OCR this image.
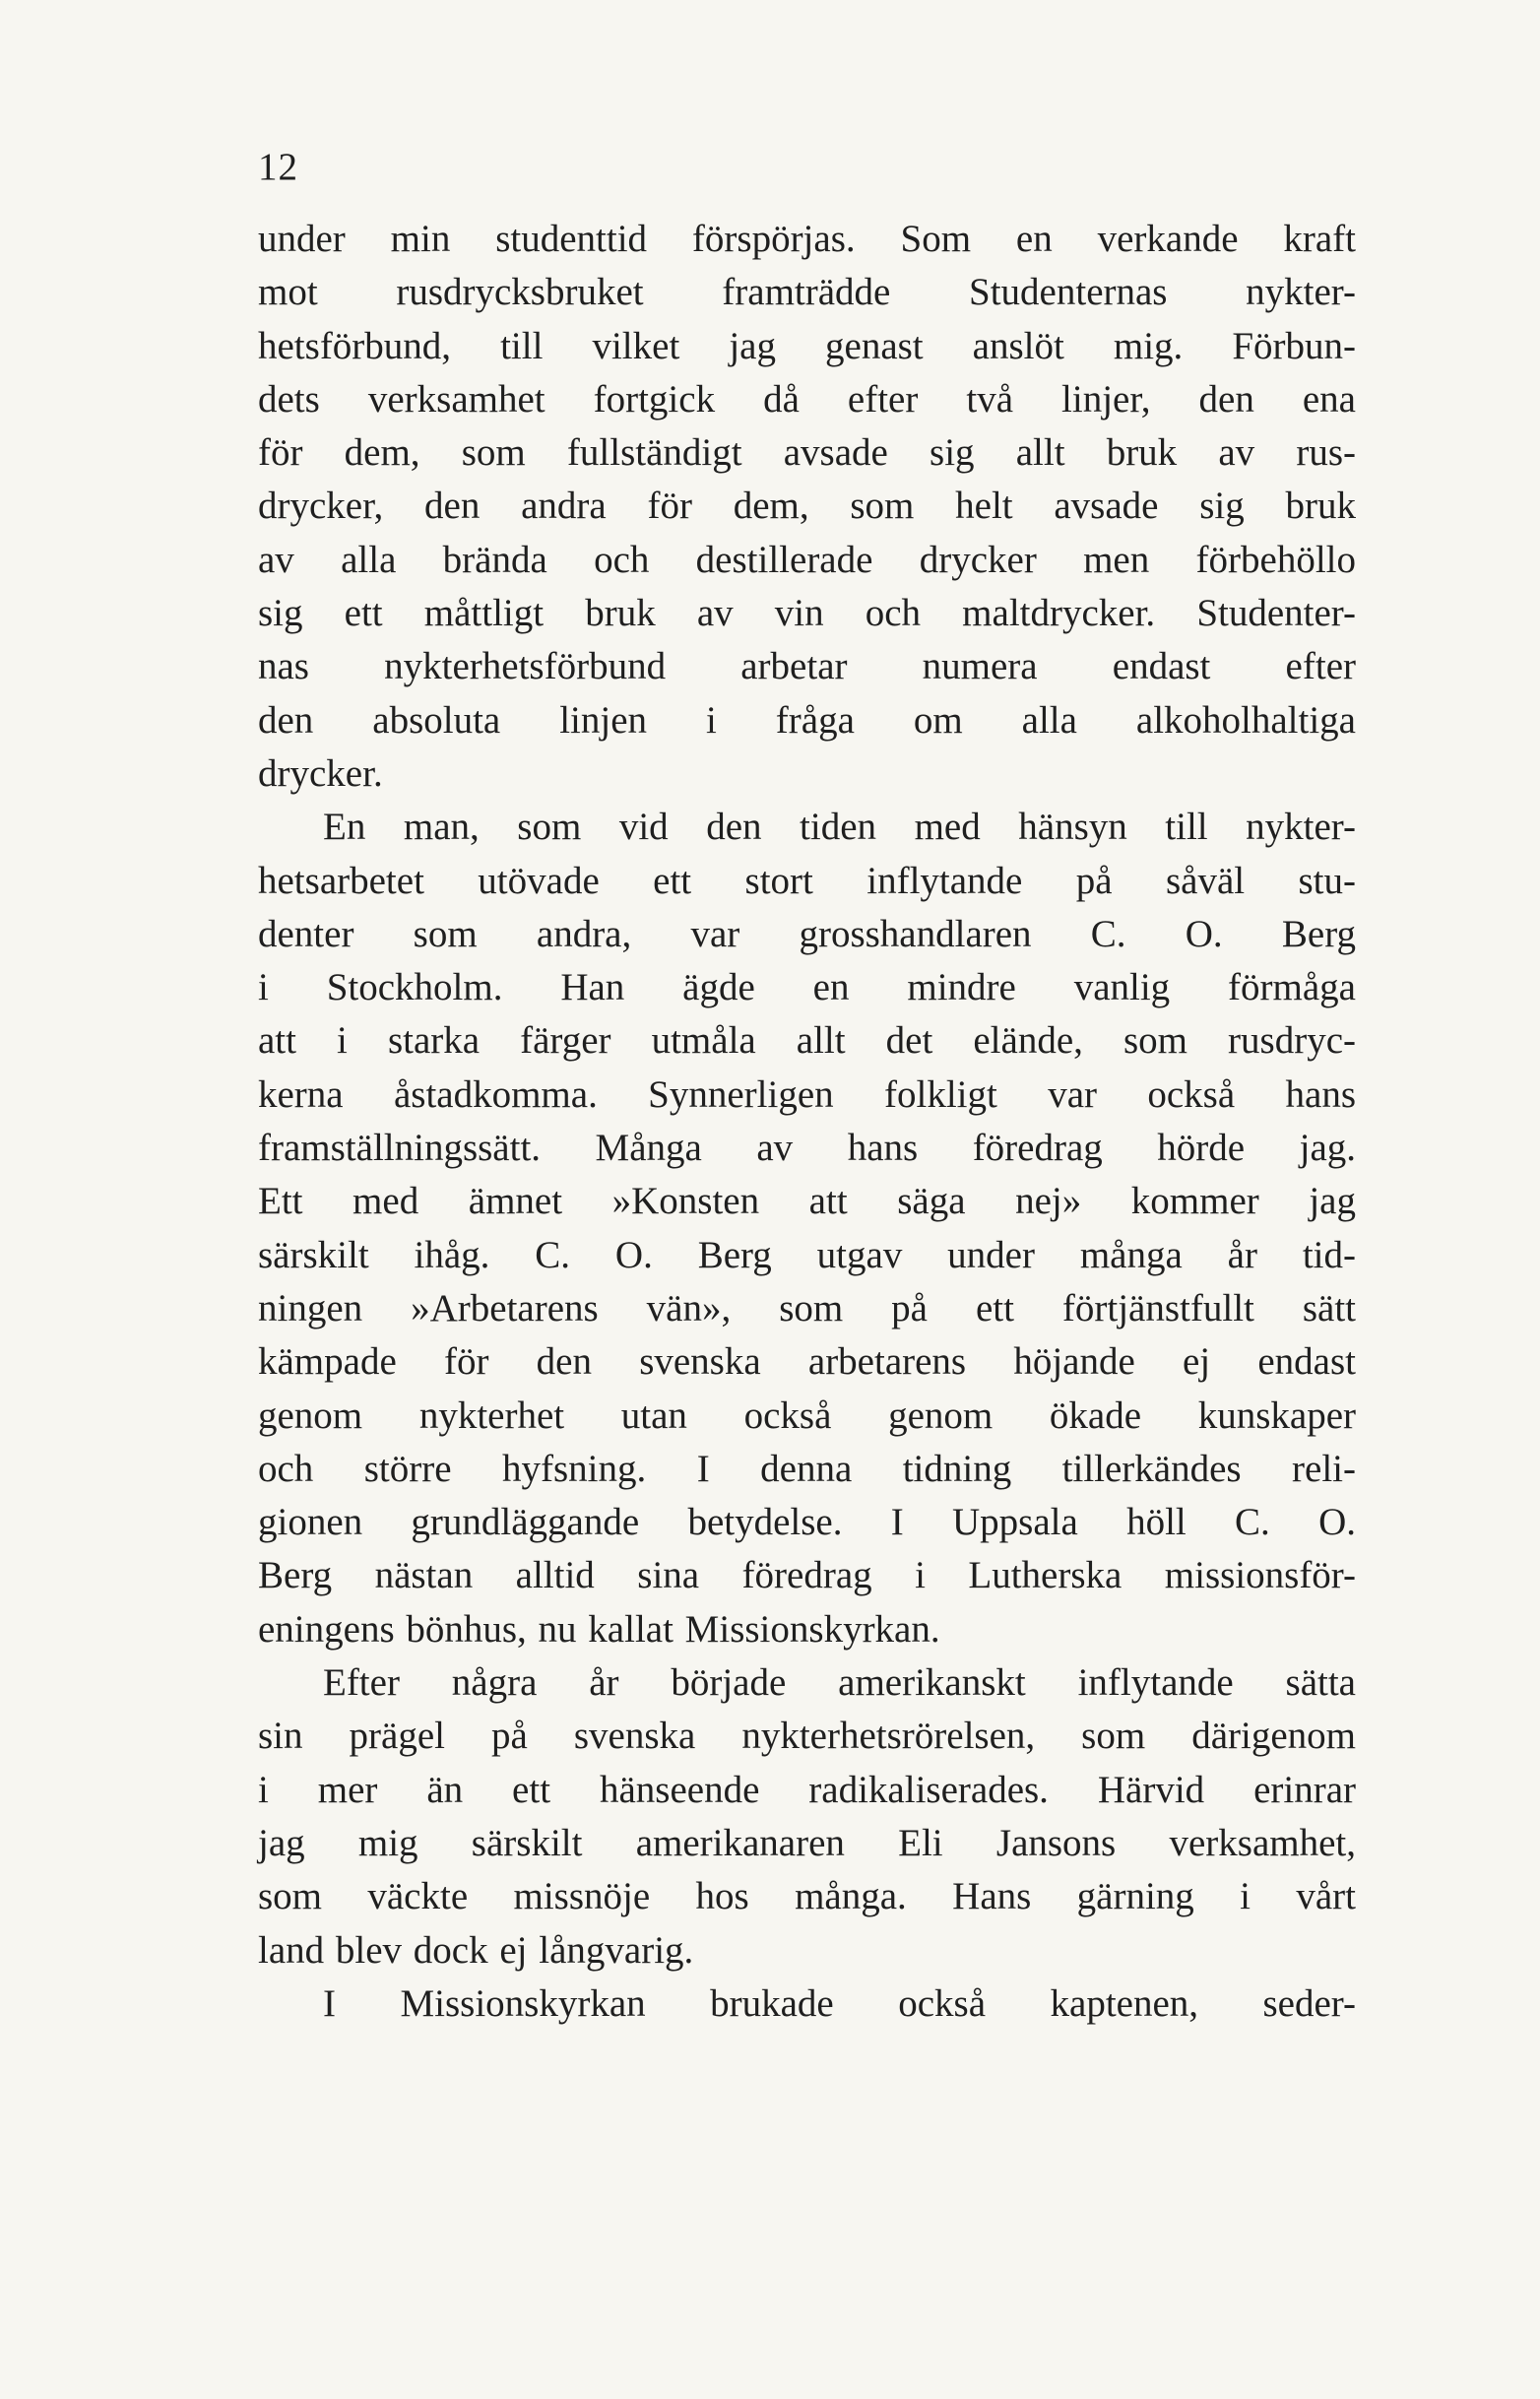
12
under min studenttid förspörjas. Som en verkande kraft
mot rusdrycksbruket framträdde Studenternas nykter-
hetsförbund, till vilket jag genast anslöt mig. Förbun-
dets verksamhet fortgick då efter två linjer, den ena
för dem, som fullständigt avsade sig allt bruk av rus-
drycker, den andra för dem, som helt avsade sig bruk
av alla brända och destillerade drycker men förbehöllo
sig ett måttligt bruk av vin och maltdrycker. Studenter-
nas nykterhetsförbund arbetar numera endast efter
den absoluta linjen i fråga om alla alkoholhaltiga
drycker.
En man, som vid den tiden med hänsyn till nykter-
hetsarbetet utövade ett stort inflytande på såväl stu-
denter som andra, var grosshandlaren C. O. Berg
i Stockholm. Han ägde en mindre vanlig förmåga
att i starka färger utmåla allt det elände, som rusdryc-
kerna åstadkomma. Synnerligen folkligt var också hans
framställningssätt. Många av hans föredrag hörde jag.
Ett med ämnet »Konsten att säga nej» kommer jag
särskilt ihåg. C. O. Berg utgav under många år tid-
ningen »Arbetarens vän», som på ett förtjänstfullt sätt
kämpade för den svenska arbetarens höjande ej endast
genom nykterhet utan också genom ökade kunskaper
och större hyfsning. I denna tidning tillerkändes reli-
gionen grundläggande betydelse. I Uppsala höll C. O.
Berg nästan alltid sina föredrag i Lutherska missionsför-
eningens bönhus, nu kallat Missionskyrkan.
Efter några år började amerikanskt inflytande sätta
sin prägel på svenska nykterhetsrörelsen, som därigenom
i mer än ett hänseende radikaliserades. Härvid erinrar
jag mig särskilt amerikanaren Eli Jansons verksamhet,
som väckte missnöje hos många. Hans gärning i vårt
land blev dock ej långvarig.
I Missionskyrkan brukade också kaptenen, seder-
